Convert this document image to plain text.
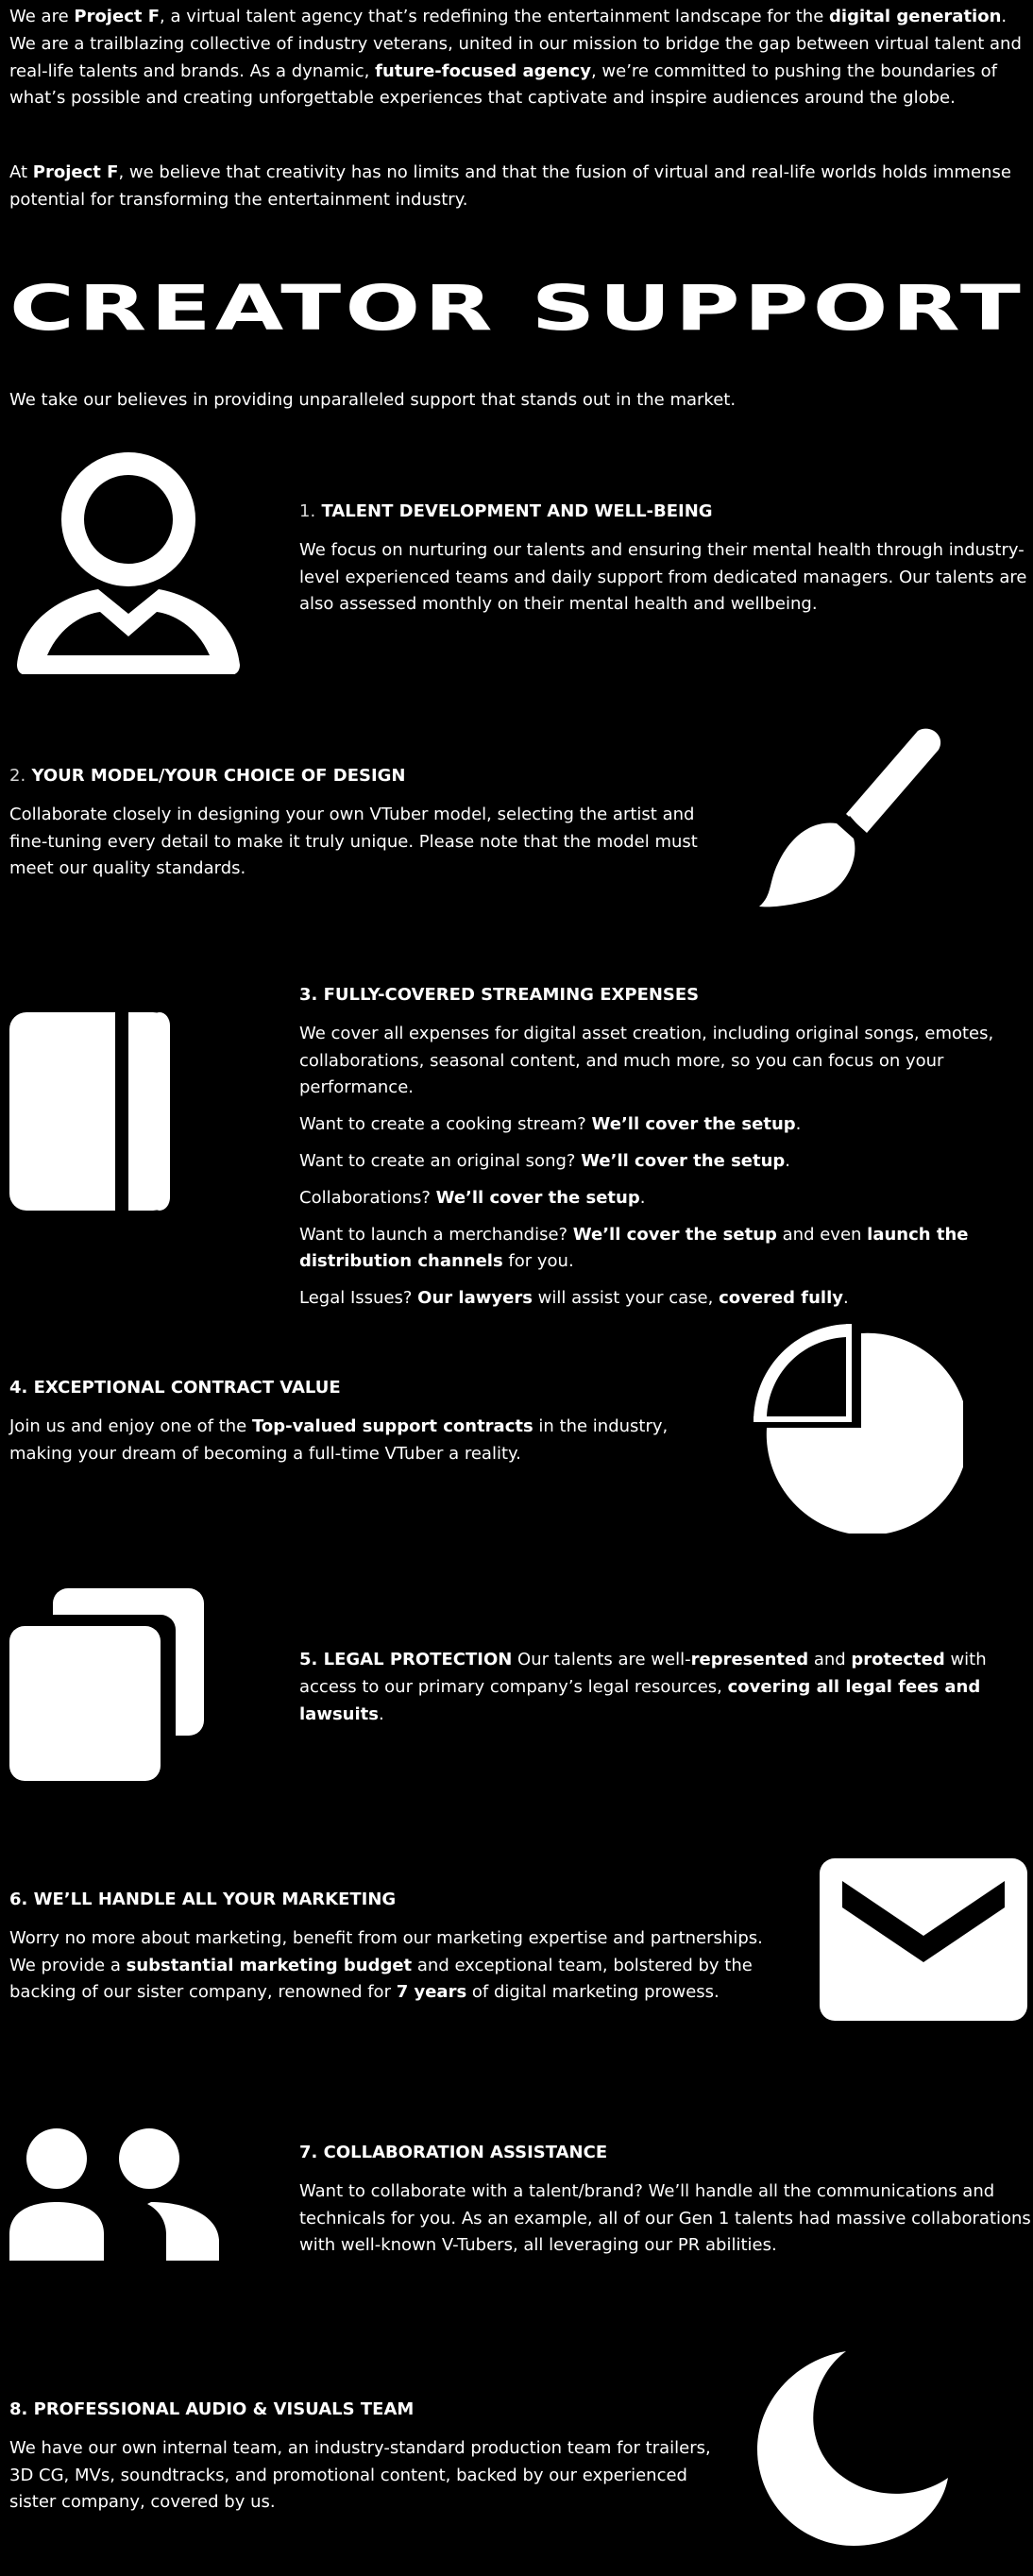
We are Project F, a virtual talent agency that’s redefining the entertainment landscape for the digital generation. We are a trailblazing collective of industry veterans, united in our mission to bridge the gap between virtual talent and real-life talents and brands. As a dynamic, future-focused agency, we’re committed to pushing the boundaries of what’s possible and creating unforgettable experiences that captivate and inspire audiences around the globe.

At Project F, we believe that creativity has no limits and that the fusion of virtual and real-life worlds holds immense potential for transforming the entertainment industry.

CREATOR SUPPORT

We take our believes in providing unparalleled support that stands out in the market.

1. TALENT DEVELOPMENT AND WELL-BEING

We focus on nurturing our talents and ensuring their mental health through industry-level experienced teams and daily support from dedicated managers. Our talents are also assessed monthly on their mental health and wellbeing.

2. YOUR MODEL/YOUR CHOICE OF DESIGN

Collaborate closely in designing your own VTuber model, selecting the artist and fine-tuning every detail to make it truly unique. Please note that the model must meet our quality standards.

3. FULLY-COVERED STREAMING EXPENSES

We cover all expenses for digital asset creation, including original songs, emotes, collaborations, seasonal content, and much more, so you can focus on your performance.

Want to create a cooking stream? We’ll cover the setup.

Want to create an original song? We’ll cover the setup.

Collaborations? We’ll cover the setup.

Want to launch a merchandise? We’ll cover the setup and even launch the distribution channels for you.

Legal Issues? Our lawyers will assist your case, covered fully.

4. EXCEPTIONAL CONTRACT VALUE

Join us and enjoy one of the Top-valued support contracts in the industry, making your dream of becoming a full-time VTuber a reality.

5. LEGAL PROTECTION Our talents are well-represented and protected with access to our primary company’s legal resources, covering all legal fees and lawsuits.

6. WE’LL HANDLE ALL YOUR MARKETING

Worry no more about marketing, benefit from our marketing expertise and partnerships. We provide a substantial marketing budget and exceptional team, bolstered by the backing of our sister company, renowned for 7 years of digital marketing prowess.

7. COLLABORATION ASSISTANCE

Want to collaborate with a talent/brand? We’ll handle all the communications and technicals for you. As an example, all of our Gen 1 talents had massive collaborations with well-known V-Tubers, all leveraging our PR abilities.

8. PROFESSIONAL AUDIO & VISUALS TEAM

We have our own internal team, an industry-standard production team for trailers, 3D CG, MVs, soundtracks, and promotional content, backed by our experienced sister company, covered by us.
